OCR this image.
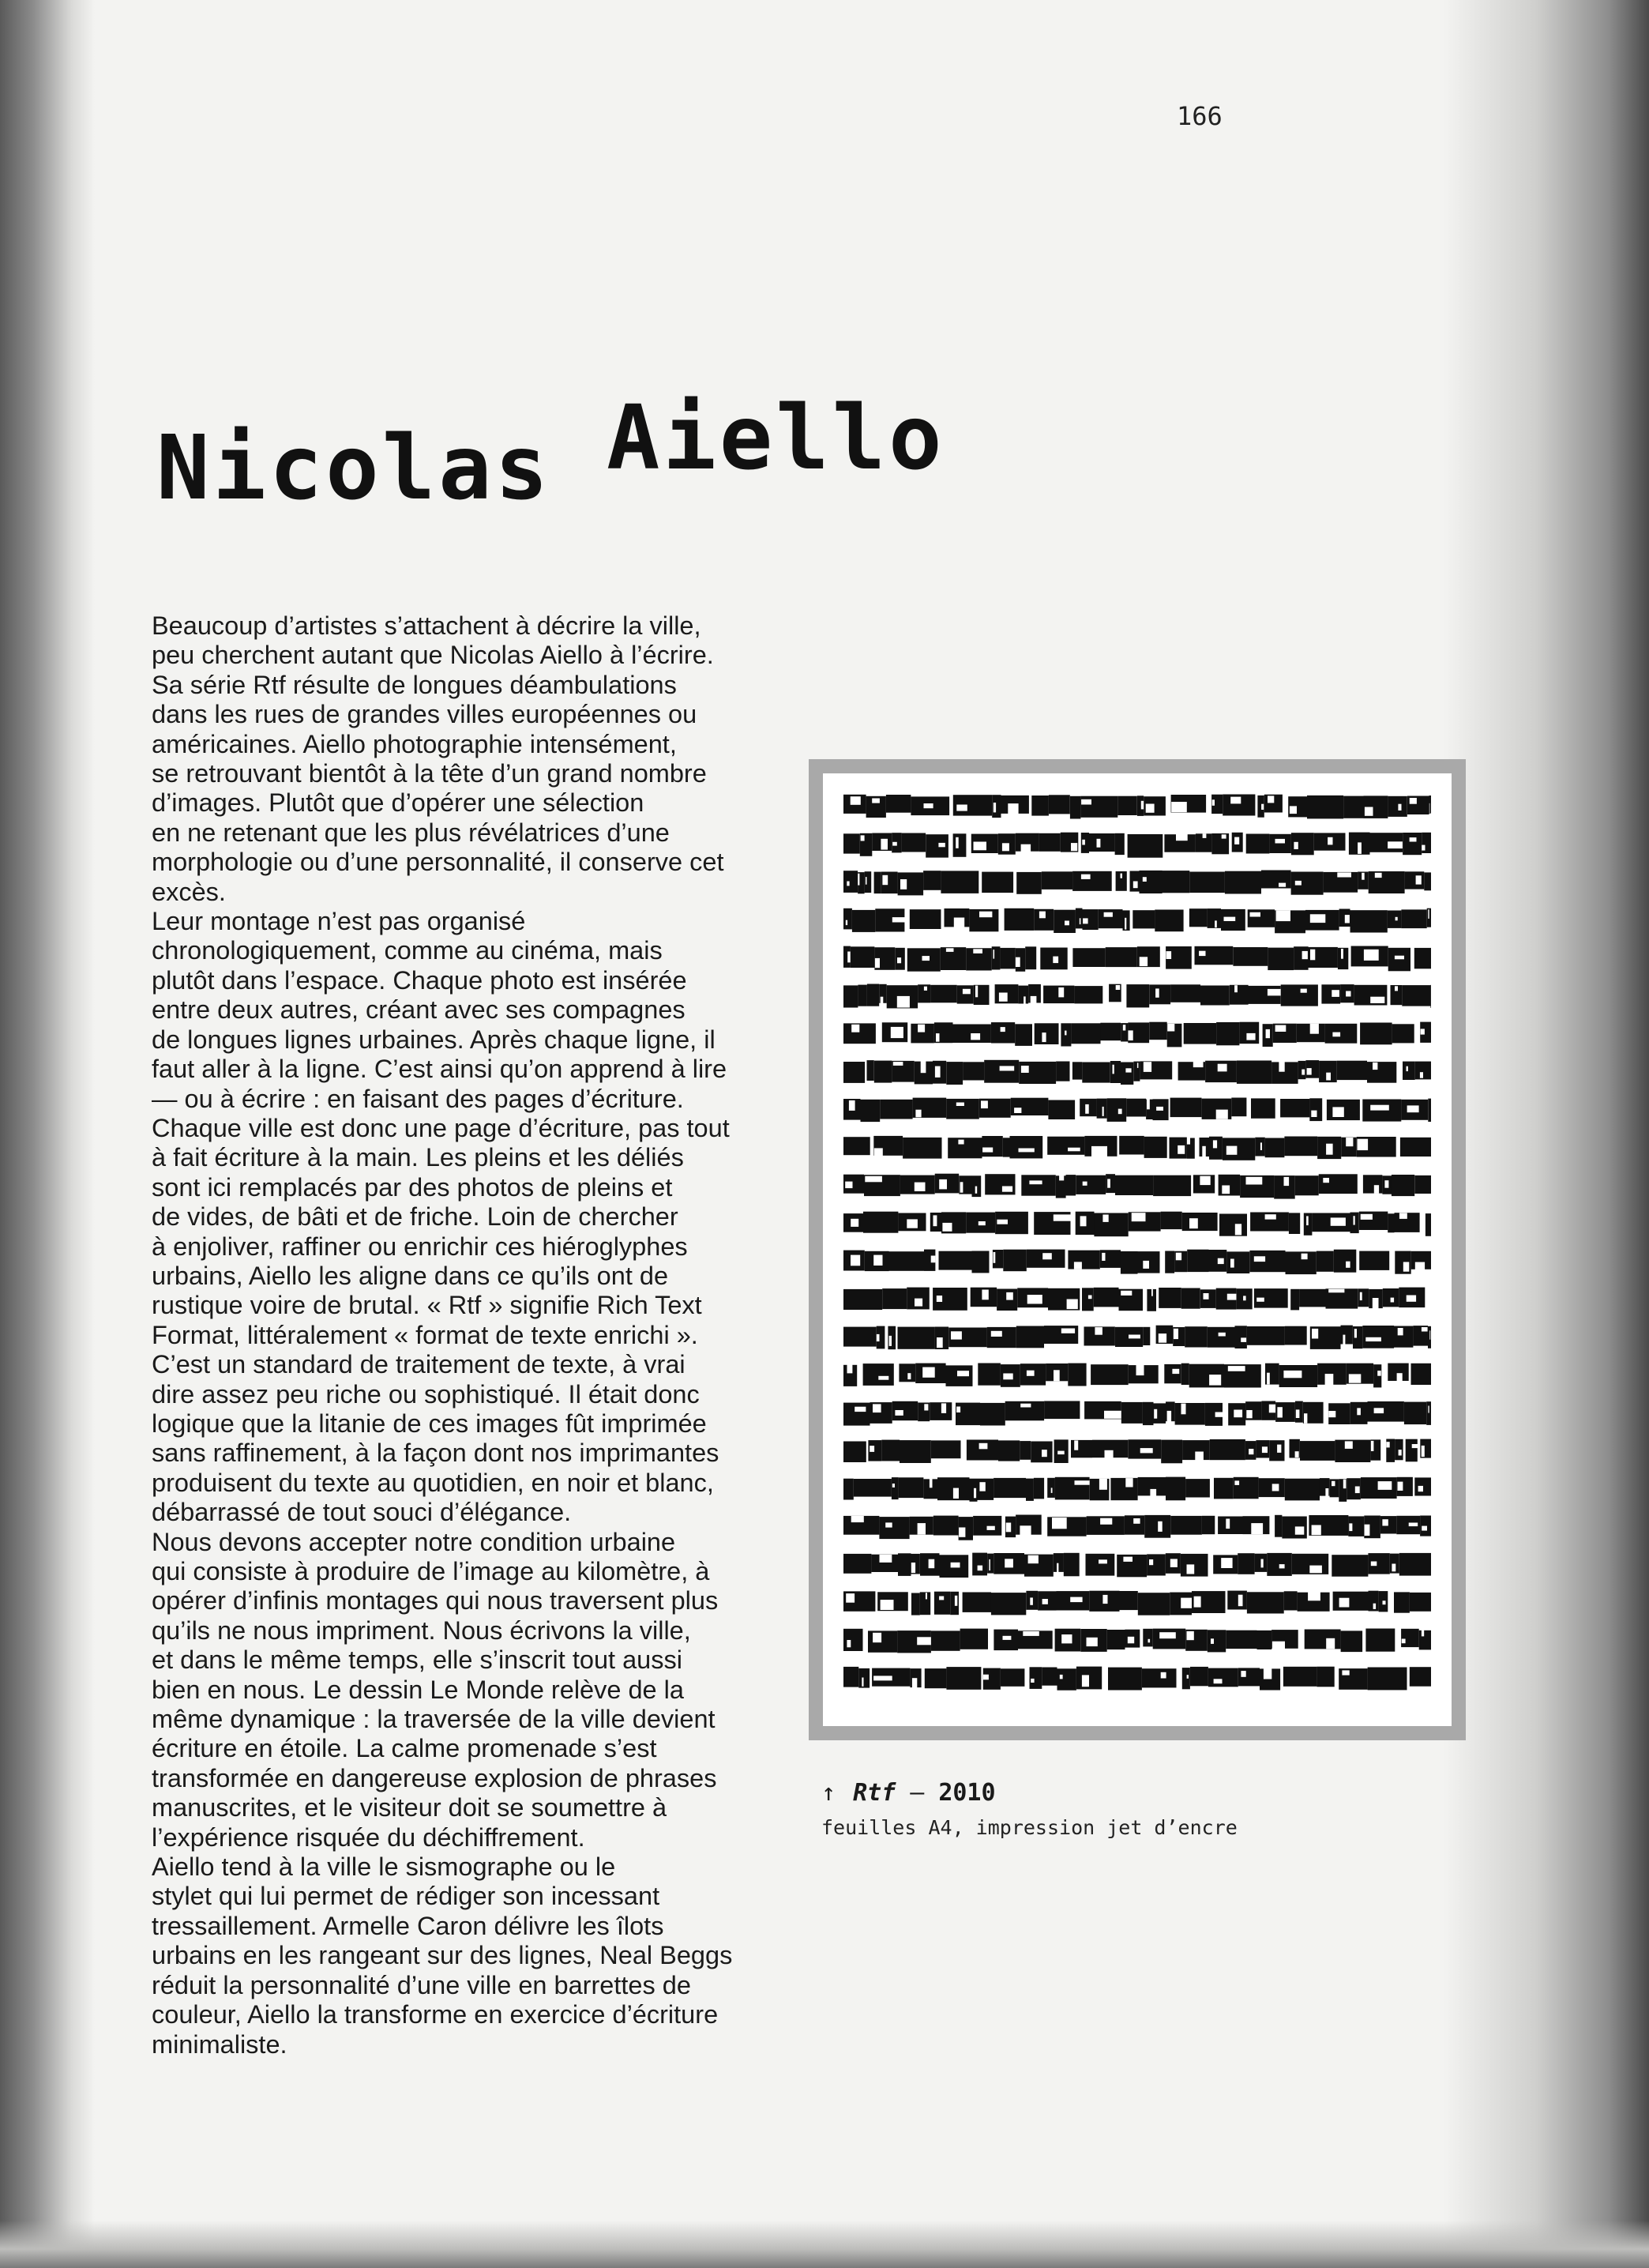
166
Nicolas Aiello
Beaucoup d’artistes s’attachent à décrire la ville,
peu cherchent autant que Nicolas Aiello à l’écrire.
Sa série Rtf résulte de longues déambulations
dans les rues de grandes villes européennes ou
américaines. Aiello photographie intensément,
se retrouvant bientôt à la tête d’un grand nombre
d’images. Plutôt que d’opérer une sélection
en ne retenant que les plus révélatrices d’une
morphologie ou d’une personnalité, il conserve cet
excès.
Leur montage n’est pas organisé
chronologiquement, comme au cinéma, mais
plutôt dans l’espace. Chaque photo est insérée
entre deux autres, créant avec ses compagnes
de longues lignes urbaines. Après chaque ligne, il
faut aller à la ligne. C’est ainsi qu’on apprend à lire
— ou à écrire : en faisant des pages d’écriture.
Chaque ville est donc une page d’écriture, pas tout
à fait écriture à la main. Les pleins et les déliés
sont ici remplacés par des photos de pleins et
de vides, de bâti et de friche. Loin de chercher
à enjoliver, raffiner ou enrichir ces hiéroglyphes
urbains, Aiello les aligne dans ce qu’ils ont de
rustique voire de brutal. « Rtf » signifie Rich Text
Format, littéralement « format de texte enrichi ».
C’est un standard de traitement de texte, à vrai
dire assez peu riche ou sophistiqué. Il était donc
logique que la litanie de ces images fût imprimée
sans raffinement, à la façon dont nos imprimantes
produisent du texte au quotidien, en noir et blanc,
débarrassé de tout souci d’élégance.
Nous devons accepter notre condition urbaine
qui consiste à produire de l’image au kilomètre, à
opérer d’infinis montages qui nous traversent plus
qu’ils ne nous impriment. Nous écrivons la ville,
et dans le même temps, elle s’inscrit tout aussi
bien en nous. Le dessin Le Monde relève de la
même dynamique : la traversée de la ville devient
écriture en étoile. La calme promenade s’est
transformée en dangereuse explosion de phrases
manuscrites, et le visiteur doit se soumettre à
l’expérience risquée du déchiffrement.
Aiello tend à la ville le sismographe ou le
stylet qui lui permet de rédiger son incessant
tressaillement. Armelle Caron délivre les îlots
urbains en les rangeant sur des lignes, Neal Beggs
réduit la personnalité d’une ville en barrettes de
couleur, Aiello la transforme en exercice d’écriture
minimaliste.
↑ Rtf – 2010
feuilles A4, impression jet d’encre
